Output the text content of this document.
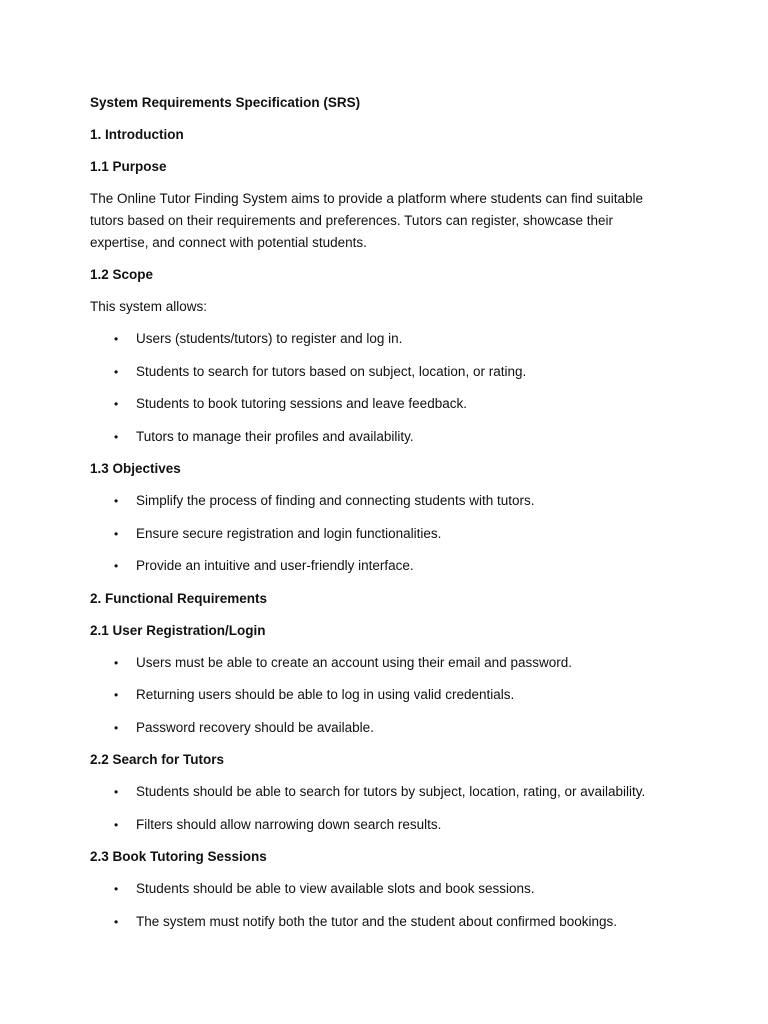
System Requirements Specification (SRS)
1. Introduction
1.1 Purpose
The Online Tutor Finding System aims to provide a platform where students can find suitable tutors based on their requirements and preferences. Tutors can register, showcase their expertise, and connect with potential students.
1.2 Scope
This system allows:
• Users (students/tutors) to register and log in.
• Students to search for tutors based on subject, location, or rating.
• Students to book tutoring sessions and leave feedback.
• Tutors to manage their profiles and availability.
1.3 Objectives
• Simplify the process of finding and connecting students with tutors.
• Ensure secure registration and login functionalities.
• Provide an intuitive and user-friendly interface.
2. Functional Requirements
2.1 User Registration/Login
• Users must be able to create an account using their email and password.
• Returning users should be able to log in using valid credentials.
• Password recovery should be available.
2.2 Search for Tutors
• Students should be able to search for tutors by subject, location, rating, or availability.
• Filters should allow narrowing down search results.
2.3 Book Tutoring Sessions
• Students should be able to view available slots and book sessions.
• The system must notify both the tutor and the student about confirmed bookings.
